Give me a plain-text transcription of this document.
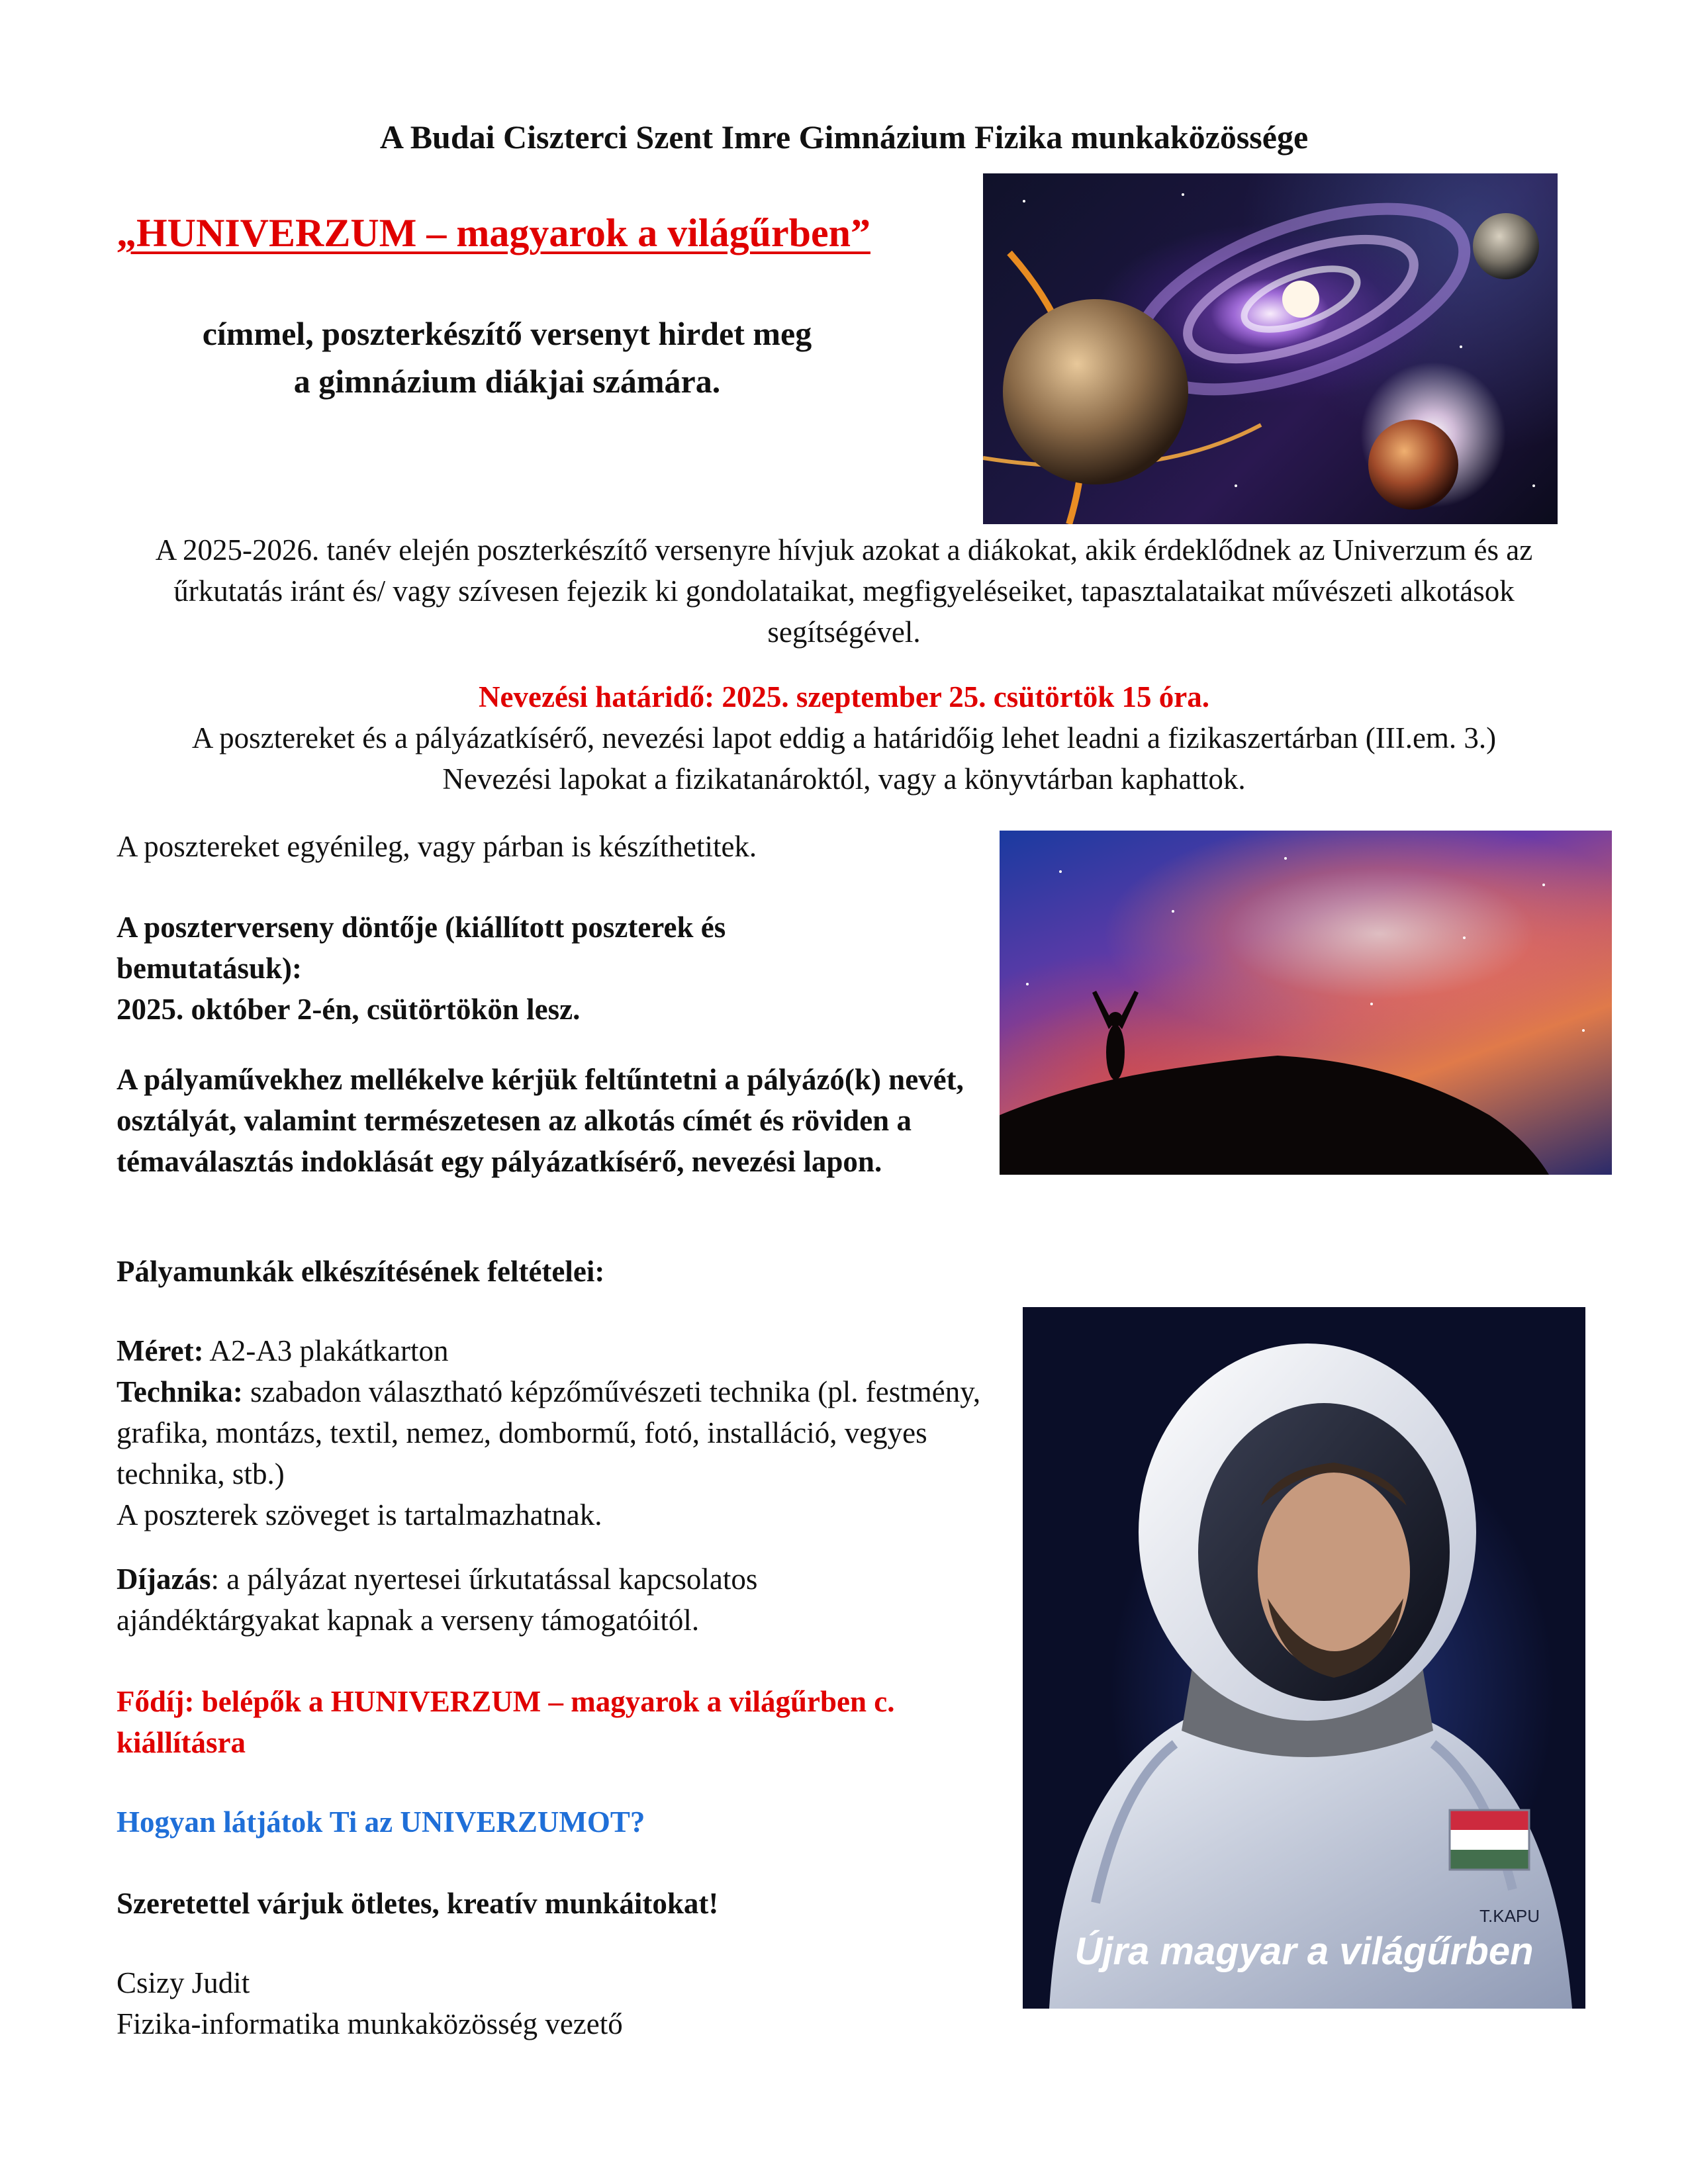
A Budai Ciszterci Szent Imre Gimnázium Fizika munkaközössége
„HUNIVERZUM – magyarok a világűrben”

címmel, poszterkészítő versenyt hirdet meg

a gimnázium diákjai számára.

A 2025-2026. tanév elején poszterkészítő versenyre hívjuk azokat a diákokat, akik érdeklődnek az Univerzum és az űrkutatás iránt és/ vagy szívesen fejezik ki gondolataikat, megfigyeléseiket, tapasztalataikat művészeti alkotások segítségével.

Nevezési határidő: 2025. szeptember 25. csütörtök 15 óra.

A posztereket és a pályázatkísérő, nevezési lapot eddig a határidőig lehet leadni a fizikaszertárban (III.em. 3.)

Nevezési lapokat a fizikatanároktól, vagy a könyvtárban kaphattok.

A posztereket egyénileg, vagy párban is készíthetitek.

A poszterverseny döntője (kiállított poszterek és bemutatásuk):

2025. október 2-én, csütörtökön lesz.

A pályaművekhez mellékelve kérjük feltűntetni a pályázó(k) nevét, osztályát, valamint természetesen az alkotás címét és röviden a témaválasztás indoklását egy pályázatkísérő, nevezési lapon.
Pályamunkák elkészítésének feltételei:

Méret: A2-A3 plakátkarton

Technika: szabadon választható képzőművészeti technika (pl. festmény, grafika, montázs, textil, nemez, dombormű, fotó, installáció, vegyes technika, stb.)

A poszterek szöveget is tartalmazhatnak.

Díjazás: a pályázat nyertesei űrkutatással kapcsolatos ajándéktárgyakat kapnak a verseny támogatóitól.
Fődíj: belépők a HUNIVERZUM – magyarok a világűrben c. kiállításra
Hogyan látjátok Ti az UNIVERZUMOT?
Szeretettel várjuk ötletes, kreatív munkáitokat!

Csizy Judit

Fizika-informatika munkaközösség vezető

T.KAPU
Újra magyar a világűrben
